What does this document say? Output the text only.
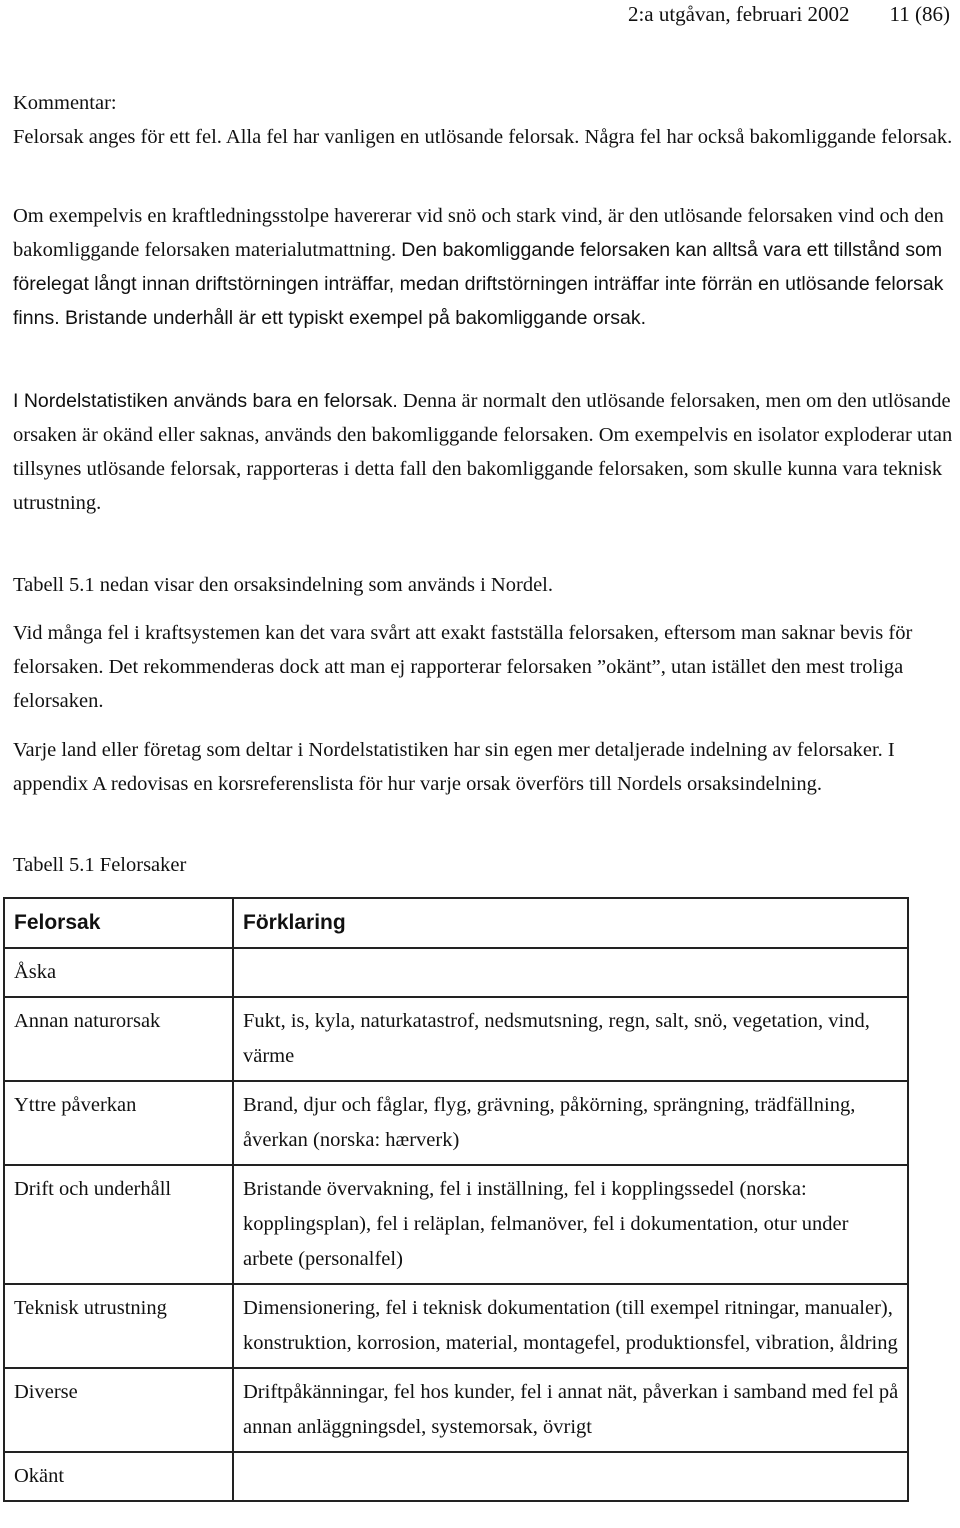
2:a utgåvan, februari 2002 11 (86)

Kommentar:

Felorsak anges för ett fel. Alla fel har vanligen en utlösande felorsak. Några fel har också bakomliggande felorsak.

Om exempelvis en kraftledningsstolpe havererar vid snö och stark vind, är den utlösande felorsaken vind och den bakomliggande felorsaken materialutmattning. Den bakomliggande felorsaken kan alltså vara ett tillstånd som förelegat långt innan driftstörningen inträffar, medan driftstörningen inträffar inte förrän en utlösande felorsak finns. Bristande underhåll är ett typiskt exempel på bakomliggande orsak.

I Nordelstatistiken används bara en felorsak. Denna är normalt den utlösande felorsaken, men om den utlösande orsaken är okänd eller saknas, används den bakomliggande felorsaken. Om exempelvis en isolator exploderar utan tillsynes utlösande felorsak, rapporteras i detta fall den bakomliggande felorsaken, som skulle kunna vara teknisk utrustning.

Tabell 5.1 nedan visar den orsaksindelning som används i Nordel.

Vid många fel i kraftsystemen kan det vara svårt att exakt fastställa felorsaken, eftersom man saknar bevis för felorsaken. Det rekommenderas dock att man ej rapporterar felorsaken ”okänt”, utan istället den mest troliga felorsaken.

Varje land eller företag som deltar i Nordelstatistiken har sin egen mer detaljerade indelning av felorsaker. I appendix A redovisas en korsreferenslista för hur varje orsak överförs till Nordels orsaksindelning.

Tabell 5.1 Felorsaker

Felorsak	Förklaring
Åska	
Annan naturorsak	Fukt, is, kyla, naturkatastrof, nedsmutsning, regn, salt, snö, vegetation, vind, värme
Yttre påverkan	Brand, djur och fåglar, flyg, grävning, påkörning, sprängning, trädfällning, åverkan (norska: hærverk)
Drift och underhåll	Bristande övervakning, fel i inställning, fel i kopplingssedel (norska: kopplingsplan), fel i reläplan, felmanöver, fel i dokumentation, otur under arbete (personalfel)
Teknisk utrustning	Dimensionering, fel i teknisk dokumentation (till exempel ritningar, manualer), konstruktion, korrosion, material, montagefel, produktionsfel, vibration, åldring
Diverse	Driftpåkänningar, fel hos kunder, fel i annat nät, påverkan i samband med fel på annan anläggningsdel, systemorsak, övrigt
Okänt	
